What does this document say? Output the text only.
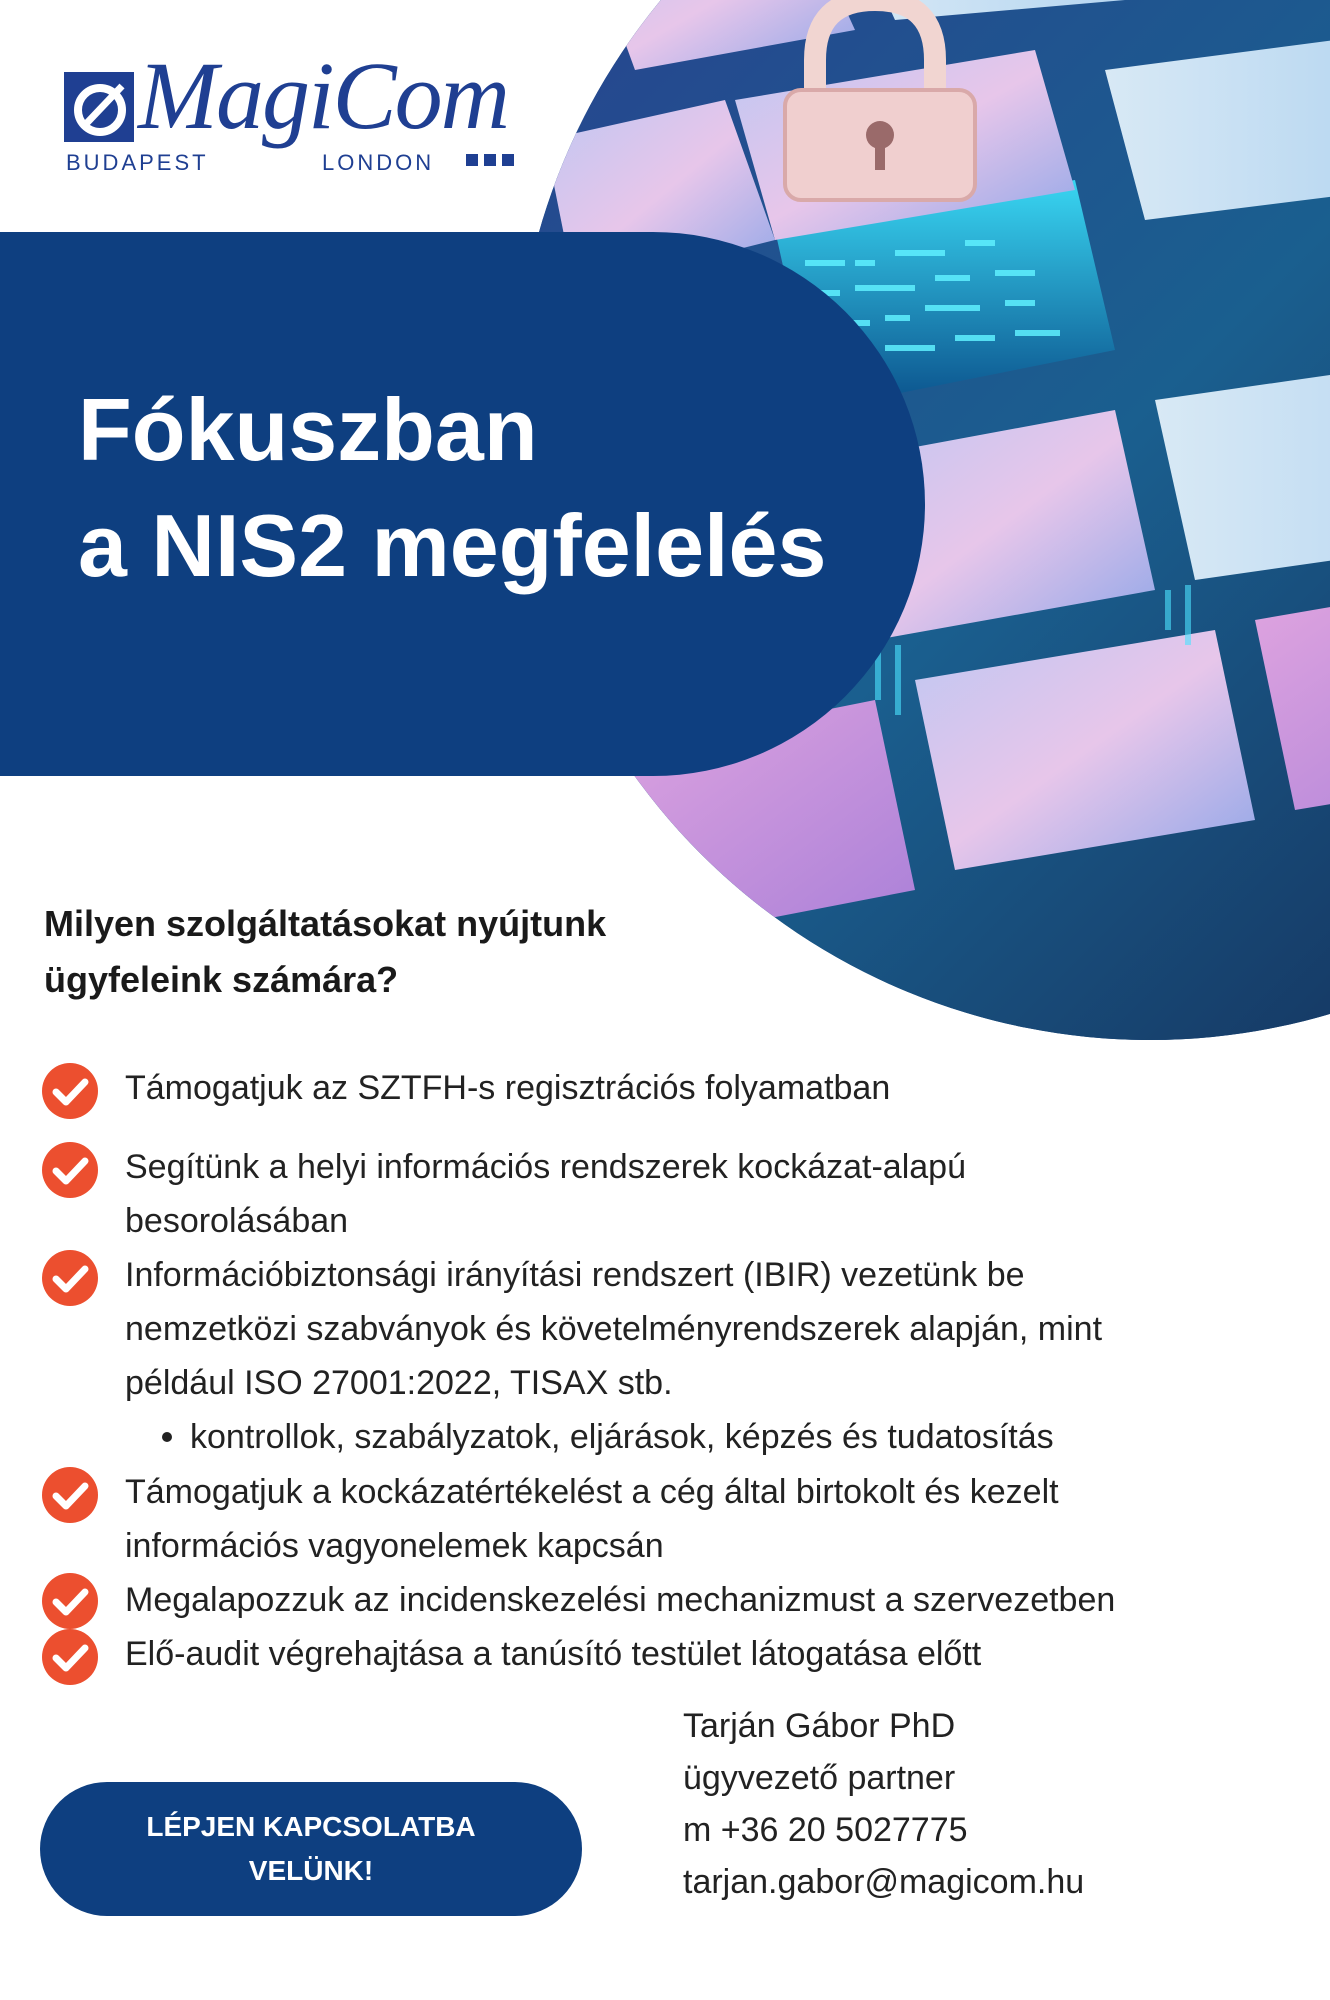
MagiCom
BUDAPEST	LONDON
Fókuszban
a NIS2 megfelelés
Milyen szolgáltatásokat nyújtunk
ügyfeleink számára?
Támogatjuk az SZTFH-s regisztrációs folyamatban
Segítünk a helyi információs rendszerek kockázat-alapú
besorolásában
Információbiztonsági irányítási rendszert (IBIR) vezetünk be
nemzetközi szabványok és követelményrendszerek alapján, mint
például ISO 27001:2022, TISAX stb.
kontrollok, szabályzatok, eljárások, képzés és tudatosítás
Támogatjuk a kockázatértékelést a cég által birtokolt és kezelt
információs vagyonelemek kapcsán
Megalapozzuk az incidenskezelési mechanizmust a szervezetben
Elő-audit végrehajtása a tanúsító testület látogatása előtt
LÉPJEN KAPCSOLATBA
VELÜNK!
Tarján Gábor PhD
ügyvezető partner
m +36 20 5027775
tarjan.gabor@magicom.hu
